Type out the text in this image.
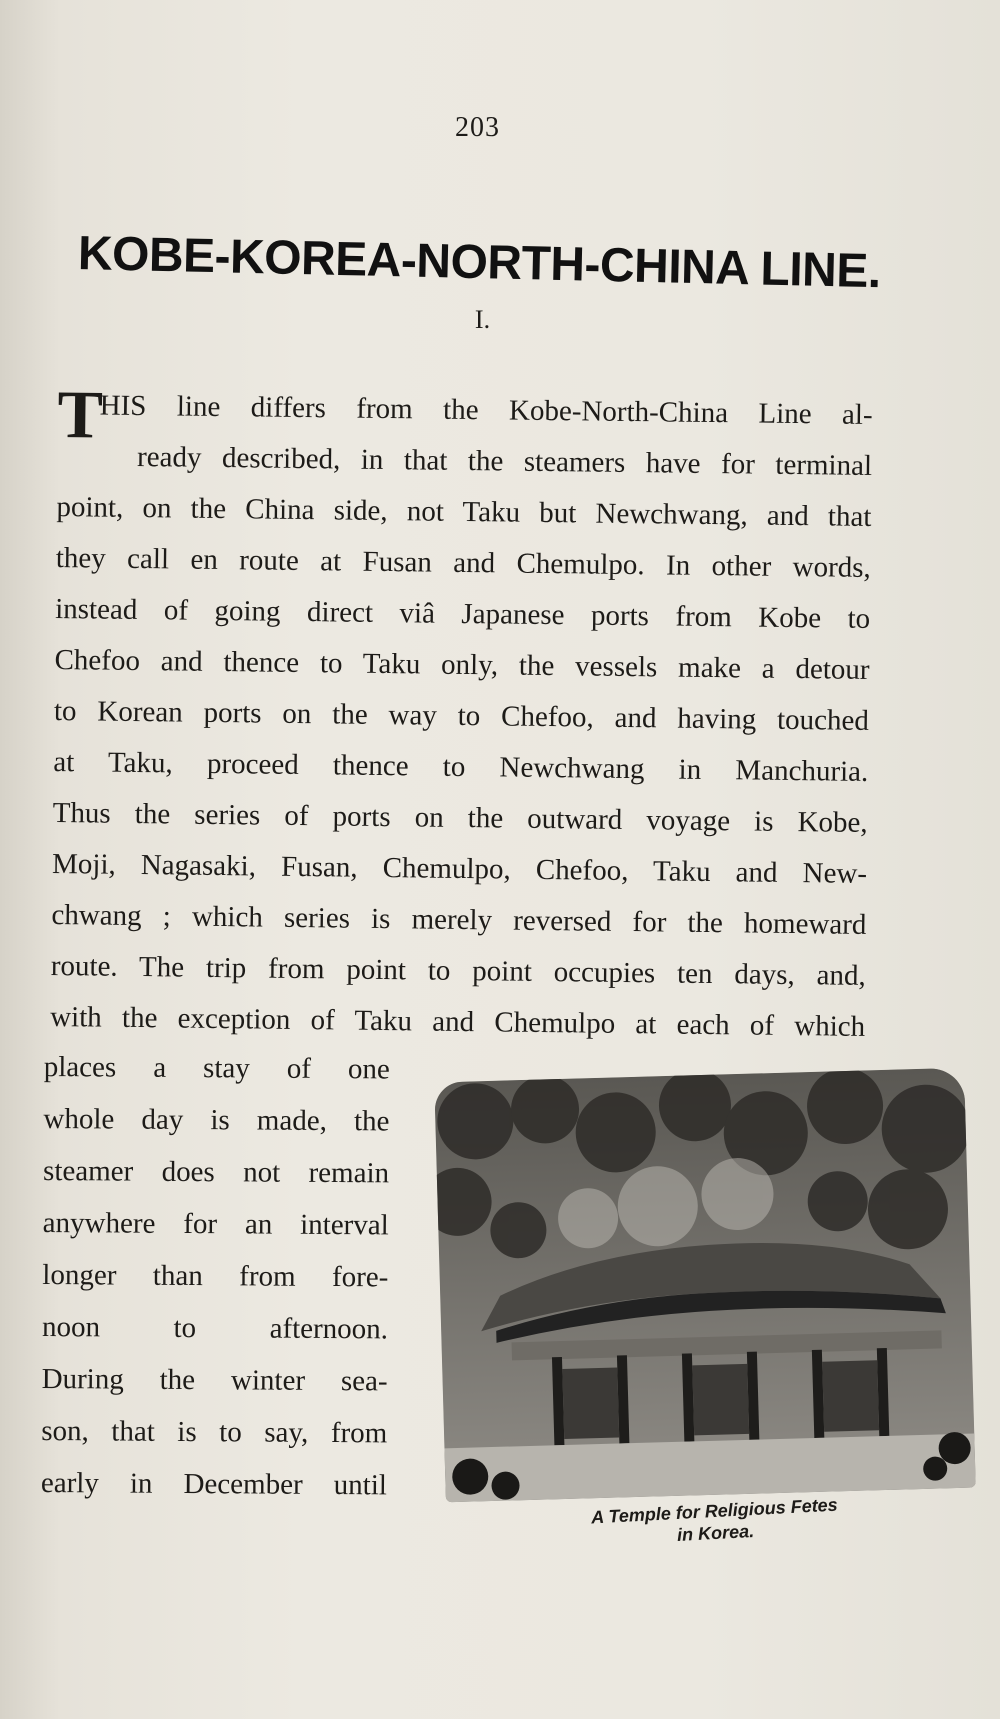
203
KOBE-KOREA-NORTH-CHINA LINE.
I.
T
HIS line differs from the Kobe-North-China Line al-
ready described, in that the steamers have for terminal
point, on the China side, not Taku but Newchwang, and that
they call en route at Fusan and Chemulpo. In other words,
instead of going direct viâ Japanese ports from Kobe to
Chefoo and thence to Taku only, the vessels make a detour
to Korean ports on the way to Chefoo, and having touched
at Taku, proceed thence to Newchwang in Manchuria.
Thus the series of ports on the outward voyage is Kobe,
Moji, Nagasaki, Fusan, Chemulpo, Chefoo, Taku and New-
chwang ; which series is merely reversed for the homeward
route. The trip from point to point occupies ten days, and,
with the exception of Taku and Chemulpo at each of which
places a stay of one
whole day is made, the
steamer does not remain
anywhere for an interval
longer than from fore-
noon to afternoon.
During the winter sea-
son, that is to say, from
early in December until
A Temple for Religious Fetes
in Korea.
